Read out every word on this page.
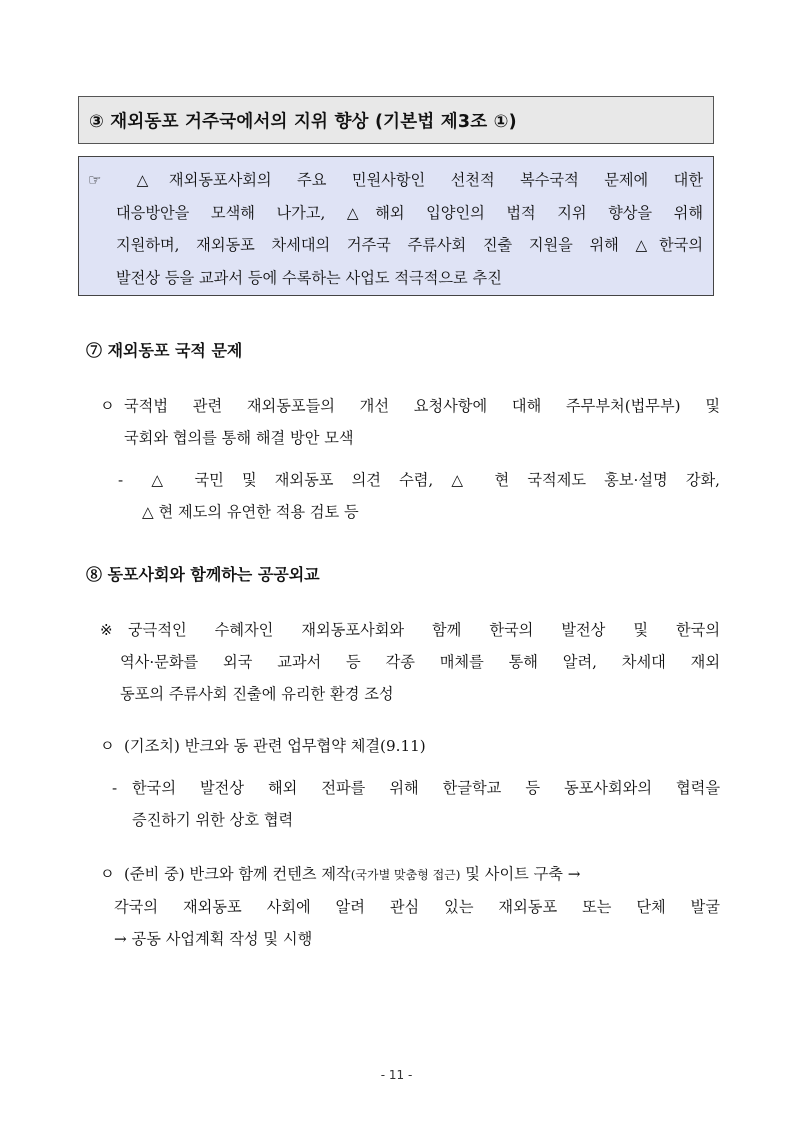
③ 재외동포 거주국에서의 지위 향상 (기본법 제3조 ①)
☞ △재외동포사회의 주요 민원사항인 선천적 복수국적 문제에 대한
대응방안을 모색해 나가고, △해외 입양인의 법적 지위 향상을 위해
지원하며, 재외동포 차세대의 거주국 주류사회 진출 지원을 위해 △한국의
발전상 등을 교과서 등에 수록하는 사업도 적극적으로 추진
⑦ 재외동포 국적 문제
ㅇ 국적법 관련 재외동포들의 개선 요청사항에 대해 주무부처(법무부) 및
국회와 협의를 통해 해결 방안 모색
- △ 국민 및 재외동포 의견 수렴, △ 현 국적제도 홍보·설명 강화,
△ 현 제도의 유연한 적용 검토 등
⑧ 동포사회와 함께하는 공공외교
※ 궁극적인 수혜자인 재외동포사회와 함께 한국의 발전상 및 한국의
역사·문화를 외국 교과서 등 각종 매체를 통해 알려, 차세대 재외
동포의 주류사회 진출에 유리한 환경 조성
ㅇ (기조치) 반크와 동 관련 업무협약 체결(9.11)
- 한국의 발전상 해외 전파를 위해 한글학교 등 동포사회와의 협력을
증진하기 위한 상호 협력
ㅇ (준비 중) 반크와 함께 컨텐츠 제작(국가별 맞춤형 접근) 및 사이트 구축 →
각국의 재외동포 사회에 알려 관심 있는 재외동포 또는 단체 발굴
→ 공동 사업계획 작성 및 시행
- 11 -
